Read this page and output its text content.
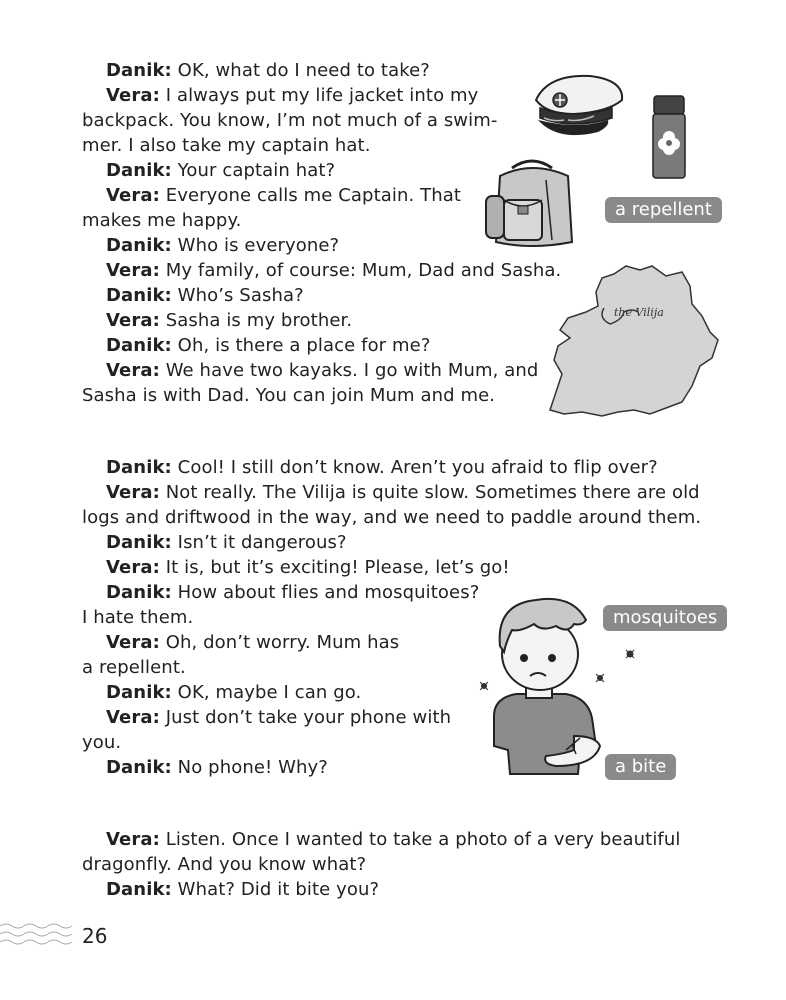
Danik: OK, what do I need to take?

Vera: I always put my life jacket into my

backpack. You know, I’m not much of a swim-

mer. I also take my captain hat.

Danik: Your captain hat?

Vera: Everyone calls me Captain. That

makes me happy.

Danik: Who is everyone?

Vera: My family, of course: Mum, Dad and Sasha.

Danik: Who’s Sasha?

Vera: Sasha is my brother.

Danik: Oh, is there a place for me?

Vera: We have two kayaks. I go with Mum, and

Sasha is with Dad. You can join Mum and me.

Danik: Cool! I still don’t know. Aren’t you afraid to flip over?

Vera: Not really. The Vilija is quite slow. Sometimes there are old

logs and driftwood in the way, and we need to paddle around them.

Danik: Isn’t it dangerous?

Vera: It is, but it’s exciting! Please, let’s go!

Danik: How about flies and mosquitoes?

I hate them.

Vera: Oh, don’t worry. Mum has

a repellent.

Danik: OK, maybe I can go.

Vera: Just don’t take your phone with

you.

Danik: No phone! Why?

Vera: Listen. Once I wanted to take a photo of a very beautiful

dragonfly. And you know what?

Danik: What? Did it bite you?

a repellent
the Vilija
mosquitoes
a bite
26
